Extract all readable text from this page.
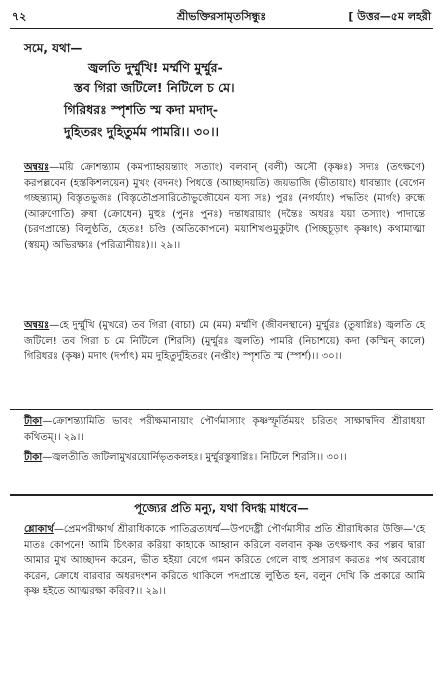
৭২	শ্রীভক্তিরসামৃতসিন্ধুঃ	[ উত্তর—৫ম লহরী
সমে, যথা—
জ্বলতি দুর্ম্মুখি! মর্ম্মণি মুর্ম্মুর-
স্তব গিরা জটিলে! নিটিলে চ মে।
গিরিধরঃ স্পৃশতি স্ম কদা মদাদ্-
দুহিতরং দুহিতুর্মম পামরি।। ৩০।।
অন্বয়ঃ—ময়ি ক্রোশন্ত্যাম (কমপ্যাহ্বয়ন্ত্যাং সত্যাং) বলবান্ (বলী) অসৌ (কৃষ্ণঃ) সদ্যঃ (তৎক্ষণে) করপল্লবেন (হস্তকিশলয়েন) মুখং (বদনং) পিধত্তে (আচ্ছাদয়তি) জয়ভাজি (ভীতায়াং) ধাবন্ত্যাং (বেগেন গচ্ছন্ত্যাম্) বিস্তৃতভুজঃ (বিস্তৃতৌপ্রসারিতৌভুজৌযেন যস্য সঃ) পুরঃ (নগর্য্যাং) পদ্ধতিং (মার্গং) রুন্ধে (আরুণোতি) রুষা (ক্রোধেন) মুহুঃ (পুনঃ পুনঃ) দন্তাধরায়াং (দন্তৈঃ অধরঃ যয়া তস্যাং) পাদান্তে (চরণপ্রান্তে) বিলুণ্ঠতি, হেতঃ! চণ্ডি (অতিকোপনে) ময়াশিখণ্ডমুকুটাৎ (পিচ্ছচূড়াৎ কৃষ্ণাৎ) কথামাত্মা (স্বয়ম্) অভিরক্ষ্যঃ (পরিত্রানীয়ঃ)।। ২৯।।
অন্বয়ঃ—হে দুর্ম্মুখি (মুখরে) তব গিরা (বাচা) মে (মম) মর্ম্মণি (জীবনস্থানে) মুর্ম্মুরঃ (তুষাগ্নিঃ) জ্বলতি হে জটিলে! তব গিরা চ মে নিটিলে (শিরসি) (মুর্ম্মুরঃ জ্বলতি) পামরি (নিচাশয়ে) কদা (কস্মিন্ কালে) গিরিধরঃ (কৃষ্ণ) মদাৎ (দর্পাৎ) মম দুহিতুর্দুহিতরং (নপ্তীং) স্পৃশতি স্ম (স্পর্শ)।। ৩০।।
টীকা—ক্রোশন্ত্যামিতি ভাবং পরীক্ষমানায়াং পৌর্ণমাস্যাং কৃষ্ণস্ফূর্তিময়ং চরিতং সাক্ষাদ্বদিব শ্রীরাধয়া কথিতম্।। ২৯।।
টীকা—জ্বলতীতি জটিলামুখরয়োর্নিভৃতকলহঃ। মুর্ম্মুরস্তুষাগ্নিঃ। নিটিলে শিরসি।। ৩০।।
পূজ্যের প্রতি মন্যু, যথা বিদগ্ধ মাধবে—
শ্লোকার্থ—প্রেমপরীক্ষার্থ শ্রীরাধিকাকে পাতিব্রত্যধর্ম্ম—উপদেষ্ট্রী পৌর্ণমাসীর প্রতি শ্রীরাধিকার উক্তি—'হে মাতঃ কোপনে! আমি চিৎকার করিয়া কাহাকে আহ্বান করিলে বলবান কৃষ্ণ তৎক্ষণাৎ কর পল্লব দ্বারা আমার মুখ আচ্ছাদন করেন, ভীত হইয়া বেগে গমন করিতে গেলে বাহু প্রসারণ করতঃ পথ অবরোধ করেন, ক্রোধে বারবার অধরদংশন করিতে থাকিলে পদপ্রান্তে লুণ্ঠিত হন, বলুন দেখি কি প্রকারে আমি কৃষ্ণ হইতে আত্মরক্ষা করিব?।। ২৯।।
